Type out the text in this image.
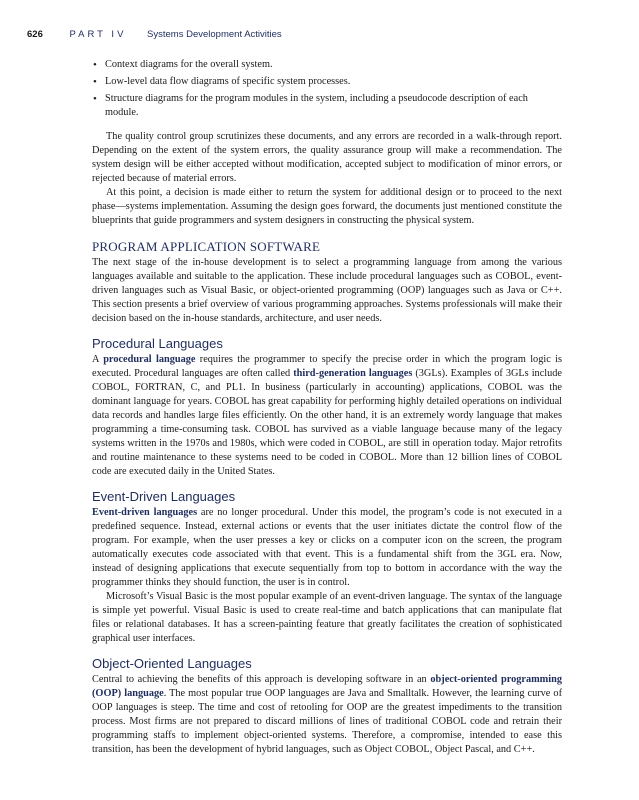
626	PART IV Systems Development Activities
• Context diagrams for the overall system.
• Low-level data flow diagrams of specific system processes.
• Structure diagrams for the program modules in the system, including a pseudocode description of each module.

The quality control group scrutinizes these documents, and any errors are recorded in a walk-through report. Depending on the extent of the system errors, the quality assurance group will make a recommendation. The system design will be either accepted without modification, accepted subject to modification of minor errors, or rejected because of material errors.

At this point, a decision is made either to return the system for additional design or to proceed to the next phase—systems implementation. Assuming the design goes forward, the documents just mentioned constitute the blueprints that guide programmers and system designers in constructing the physical system.

PROGRAM APPLICATION SOFTWARE

The next stage of the in-house development is to select a programming language from among the various languages available and suitable to the application. These include procedural languages such as COBOL, event-driven languages such as Visual Basic, or object-oriented programming (OOP) languages such as Java or C++. This section presents a brief overview of various programming approaches. Systems professionals will make their decision based on the in-house standards, architecture, and user needs.

Procedural Languages

A procedural language requires the programmer to specify the precise order in which the program logic is executed. Procedural languages are often called third-generation languages (3GLs). Examples of 3GLs include COBOL, FORTRAN, C, and PL1. In business (particularly in accounting) applications, COBOL was the dominant language for years. COBOL has great capability for performing highly detailed operations on individual data records and handles large files efficiently. On the other hand, it is an extremely wordy language that makes programming a time-consuming task. COBOL has survived as a viable language because many of the legacy systems written in the 1970s and 1980s, which were coded in COBOL, are still in operation today. Major retrofits and routine maintenance to these systems need to be coded in COBOL. More than 12 billion lines of COBOL code are executed daily in the United States.

Event-Driven Languages

Event-driven languages are no longer procedural. Under this model, the program’s code is not executed in a predefined sequence. Instead, external actions or events that the user initiates dictate the control flow of the program. For example, when the user presses a key or clicks on a computer icon on the screen, the program automatically executes code associated with that event. This is a fundamental shift from the 3GL era. Now, instead of designing applications that execute sequentially from top to bottom in accordance with the way the programmer thinks they should function, the user is in control.

Microsoft’s Visual Basic is the most popular example of an event-driven language. The syntax of the language is simple yet powerful. Visual Basic is used to create real-time and batch applications that can manipulate flat files or relational databases. It has a screen-painting feature that greatly facilitates the creation of sophisticated graphical user interfaces.

Object-Oriented Languages

Central to achieving the benefits of this approach is developing software in an object-oriented programming (OOP) language. The most popular true OOP languages are Java and Smalltalk. However, the learning curve of OOP languages is steep. The time and cost of retooling for OOP are the greatest impediments to the transition process. Most firms are not prepared to discard millions of lines of traditional COBOL code and retrain their programming staffs to implement object-oriented systems. Therefore, a compromise, intended to ease this transition, has been the development of hybrid languages, such as Object COBOL, Object Pascal, and C++.
